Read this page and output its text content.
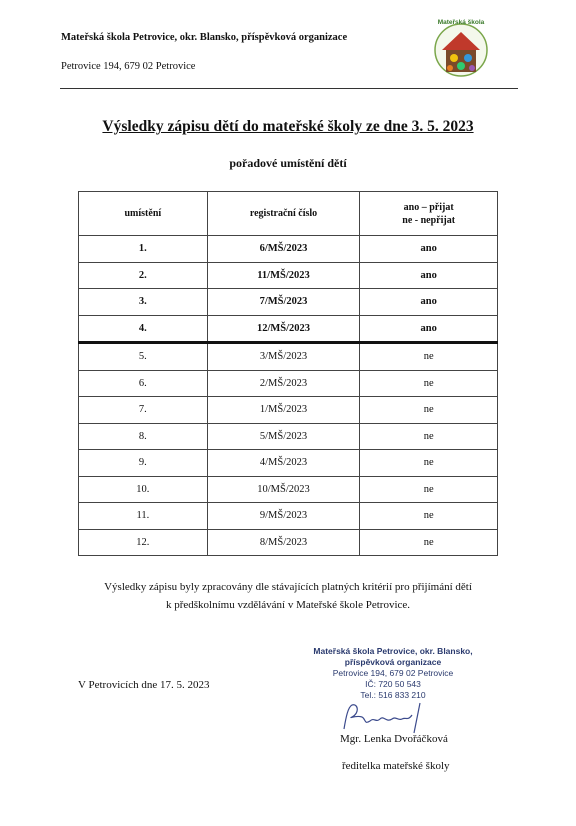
Mateřská škola Petrovice, okr. Blansko, příspěvková organizace
Petrovice 194, 679 02 Petrovice
Mateřská škola
Výsledky zápisu dětí do mateřské školy ze dne 3. 5. 2023
pořadové umístění dětí
umístění	registrační číslo	ano – přijat
ne - nepřijat
1.	6/MŠ/2023	ano
2.	11/MŠ/2023	ano
3.	7/MŠ/2023	ano
4.	12/MŠ/2023	ano
5.	3/MŠ/2023	ne
6.	2/MŠ/2023	ne
7.	1/MŠ/2023	ne
8.	5/MŠ/2023	ne
9.	4/MŠ/2023	ne
10.	10/MŠ/2023	ne
11.	9/MŠ/2023	ne
12.	8/MŠ/2023	ne
Výsledky zápisu byly zpracovány dle stávajících platných kritérií pro přijímání dětí
k předškolnímu vzdělávání v Mateřské škole Petrovice.
V Petrovicích dne 17. 5. 2023
Mateřská škola Petrovice, okr. Blansko,
příspěvková organizace
Petrovice 194, 679 02 Petrovice
IČ: 720 50 543
Tel.: 516 833 210
Mgr. Lenka Dvořáčková
ředitelka mateřské školy
